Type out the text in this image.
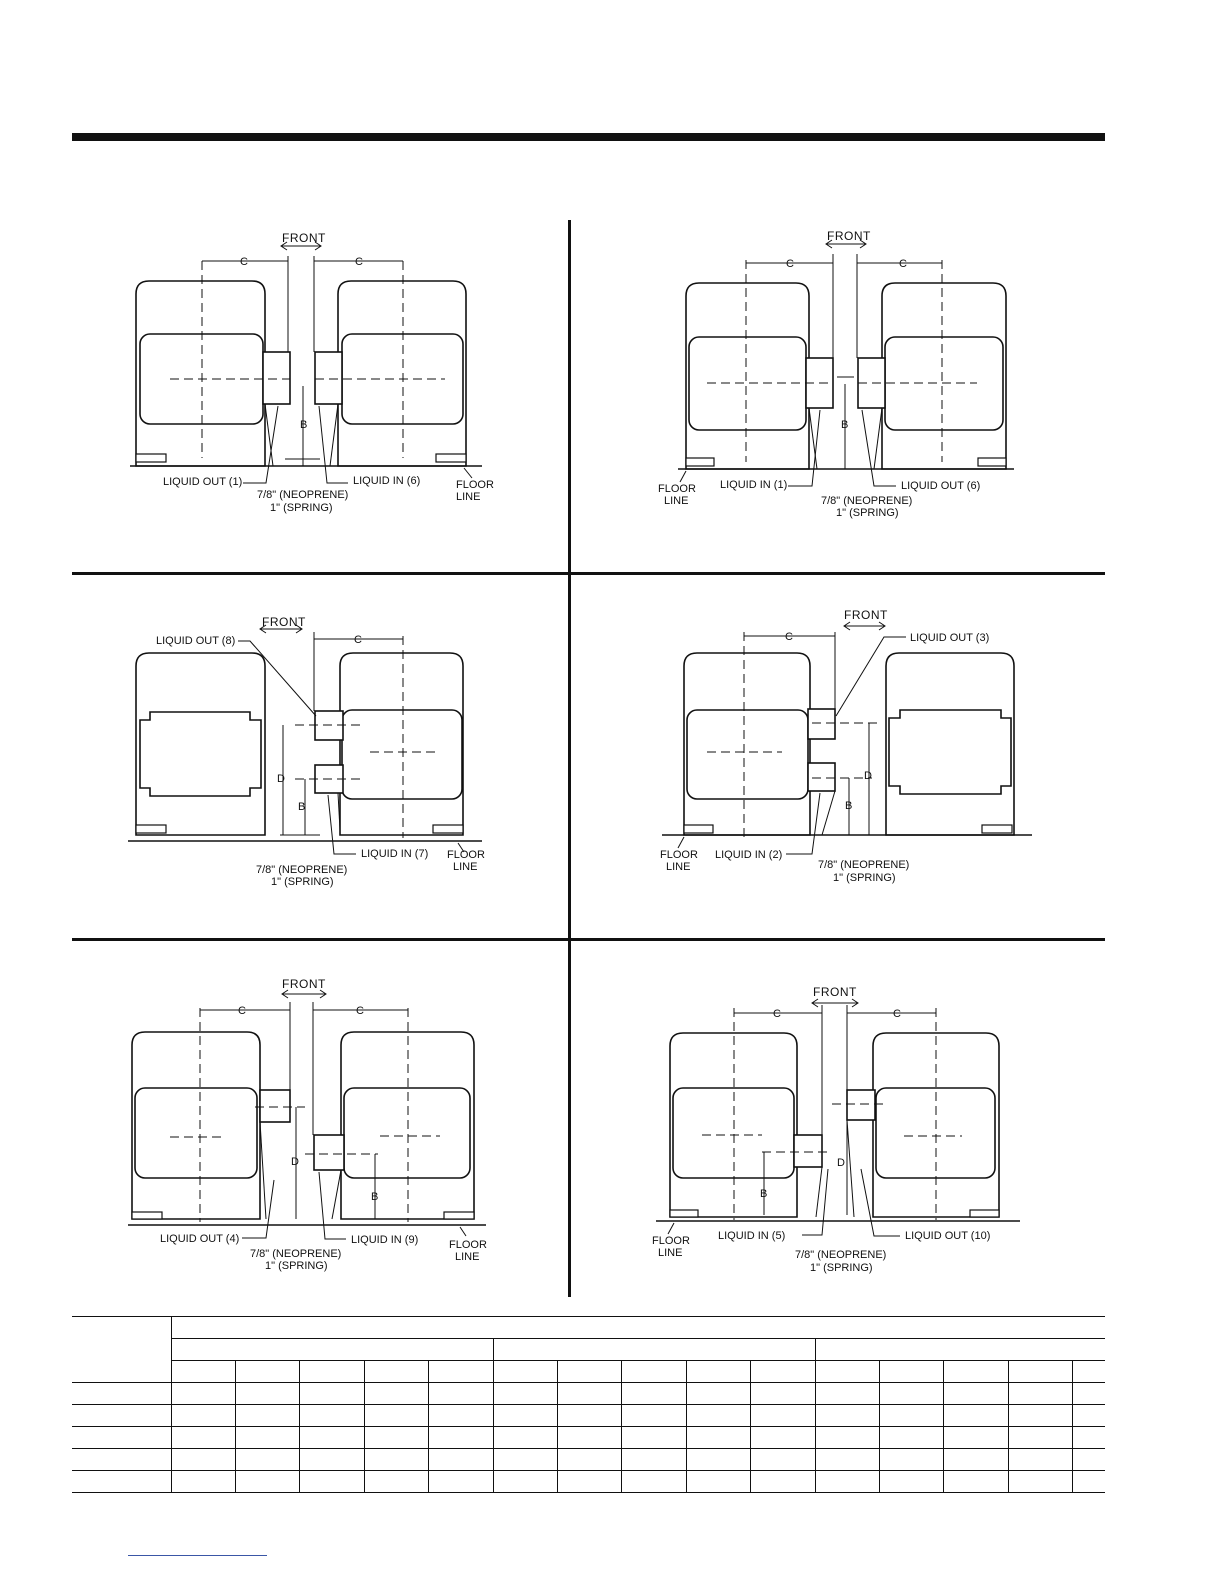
FRONT
C	C
B
LIQUID OUT (1)	LIQUID IN (6)
7/8" (NEOPRENE)
1" (SPRING)
FLOOR
LINE
FRONT
C	C
B
LIQUID IN (1)	LIQUID OUT (6)
7/8" (NEOPRENE)
1" (SPRING)
FLOOR
LINE
FRONT
C
D
B
LIQUID OUT (8)
LIQUID IN (7)
7/8" (NEOPRENE)
1" (SPRING)
FLOOR
LINE
FRONT
C
D
B
LIQUID OUT (3)
LIQUID IN (2)
7/8" (NEOPRENE)
1" (SPRING)
FLOOR
LINE
FRONT
C	C
D
B
LIQUID OUT (4)	LIQUID IN (9)
7/8" (NEOPRENE)
1" (SPRING)
FLOOR
LINE
FRONT
C	C
D
B
LIQUID IN (5)	LIQUID OUT (10)
7/8" (NEOPRENE)
1" (SPRING)
FLOOR
LINE
